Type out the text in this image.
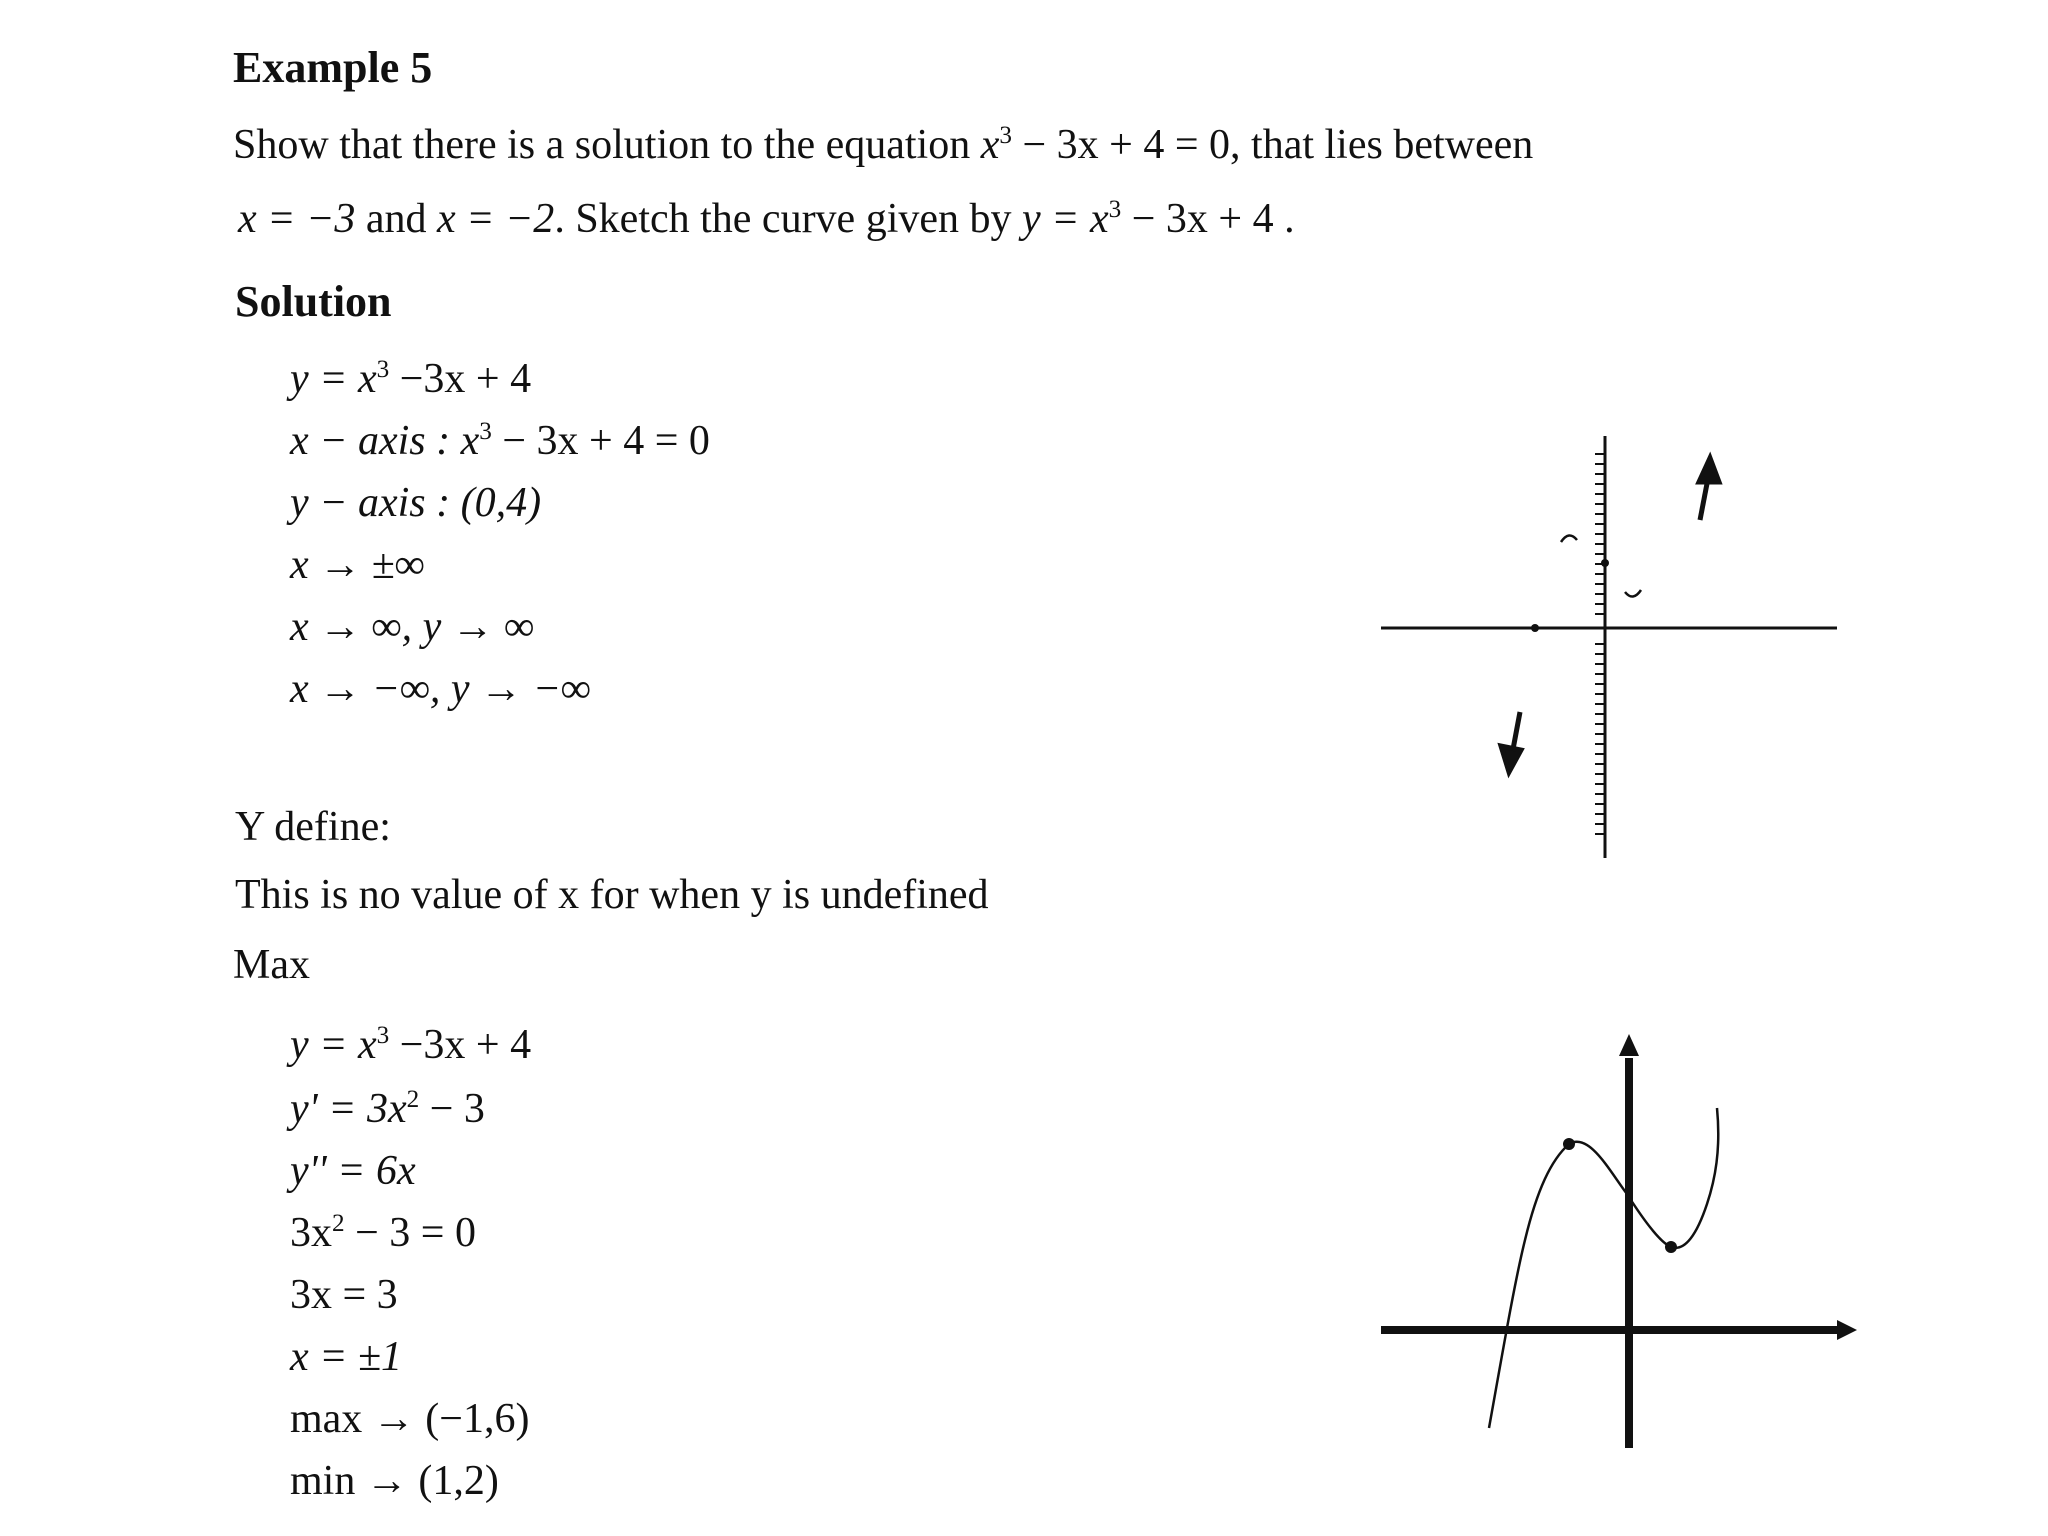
Example 5
Show that there is a solution to the equation $x^3 - 3x + 4 = 0$, that lies between
x = −3 and x = −2. Sketch the curve given by $y = x^3 - 3x + 4$ .
Solution
$y = x^3 -3x + 4$
x − axis : $x^3 - 3x + 4 = 0$
y − axis : (0,4)
x → ±∞
x → ∞, y → ∞
x → −∞, y → −∞
Y define:
This is no value of x for when y is undefined
Max
$y = x^3 -3x + 4$
$y' = 3x^2 - 3$
y'' = 6x
$3x^2 - 3 = 0$
3x = 3
x = ±1
max → (−1,6)
min → (1,2)
